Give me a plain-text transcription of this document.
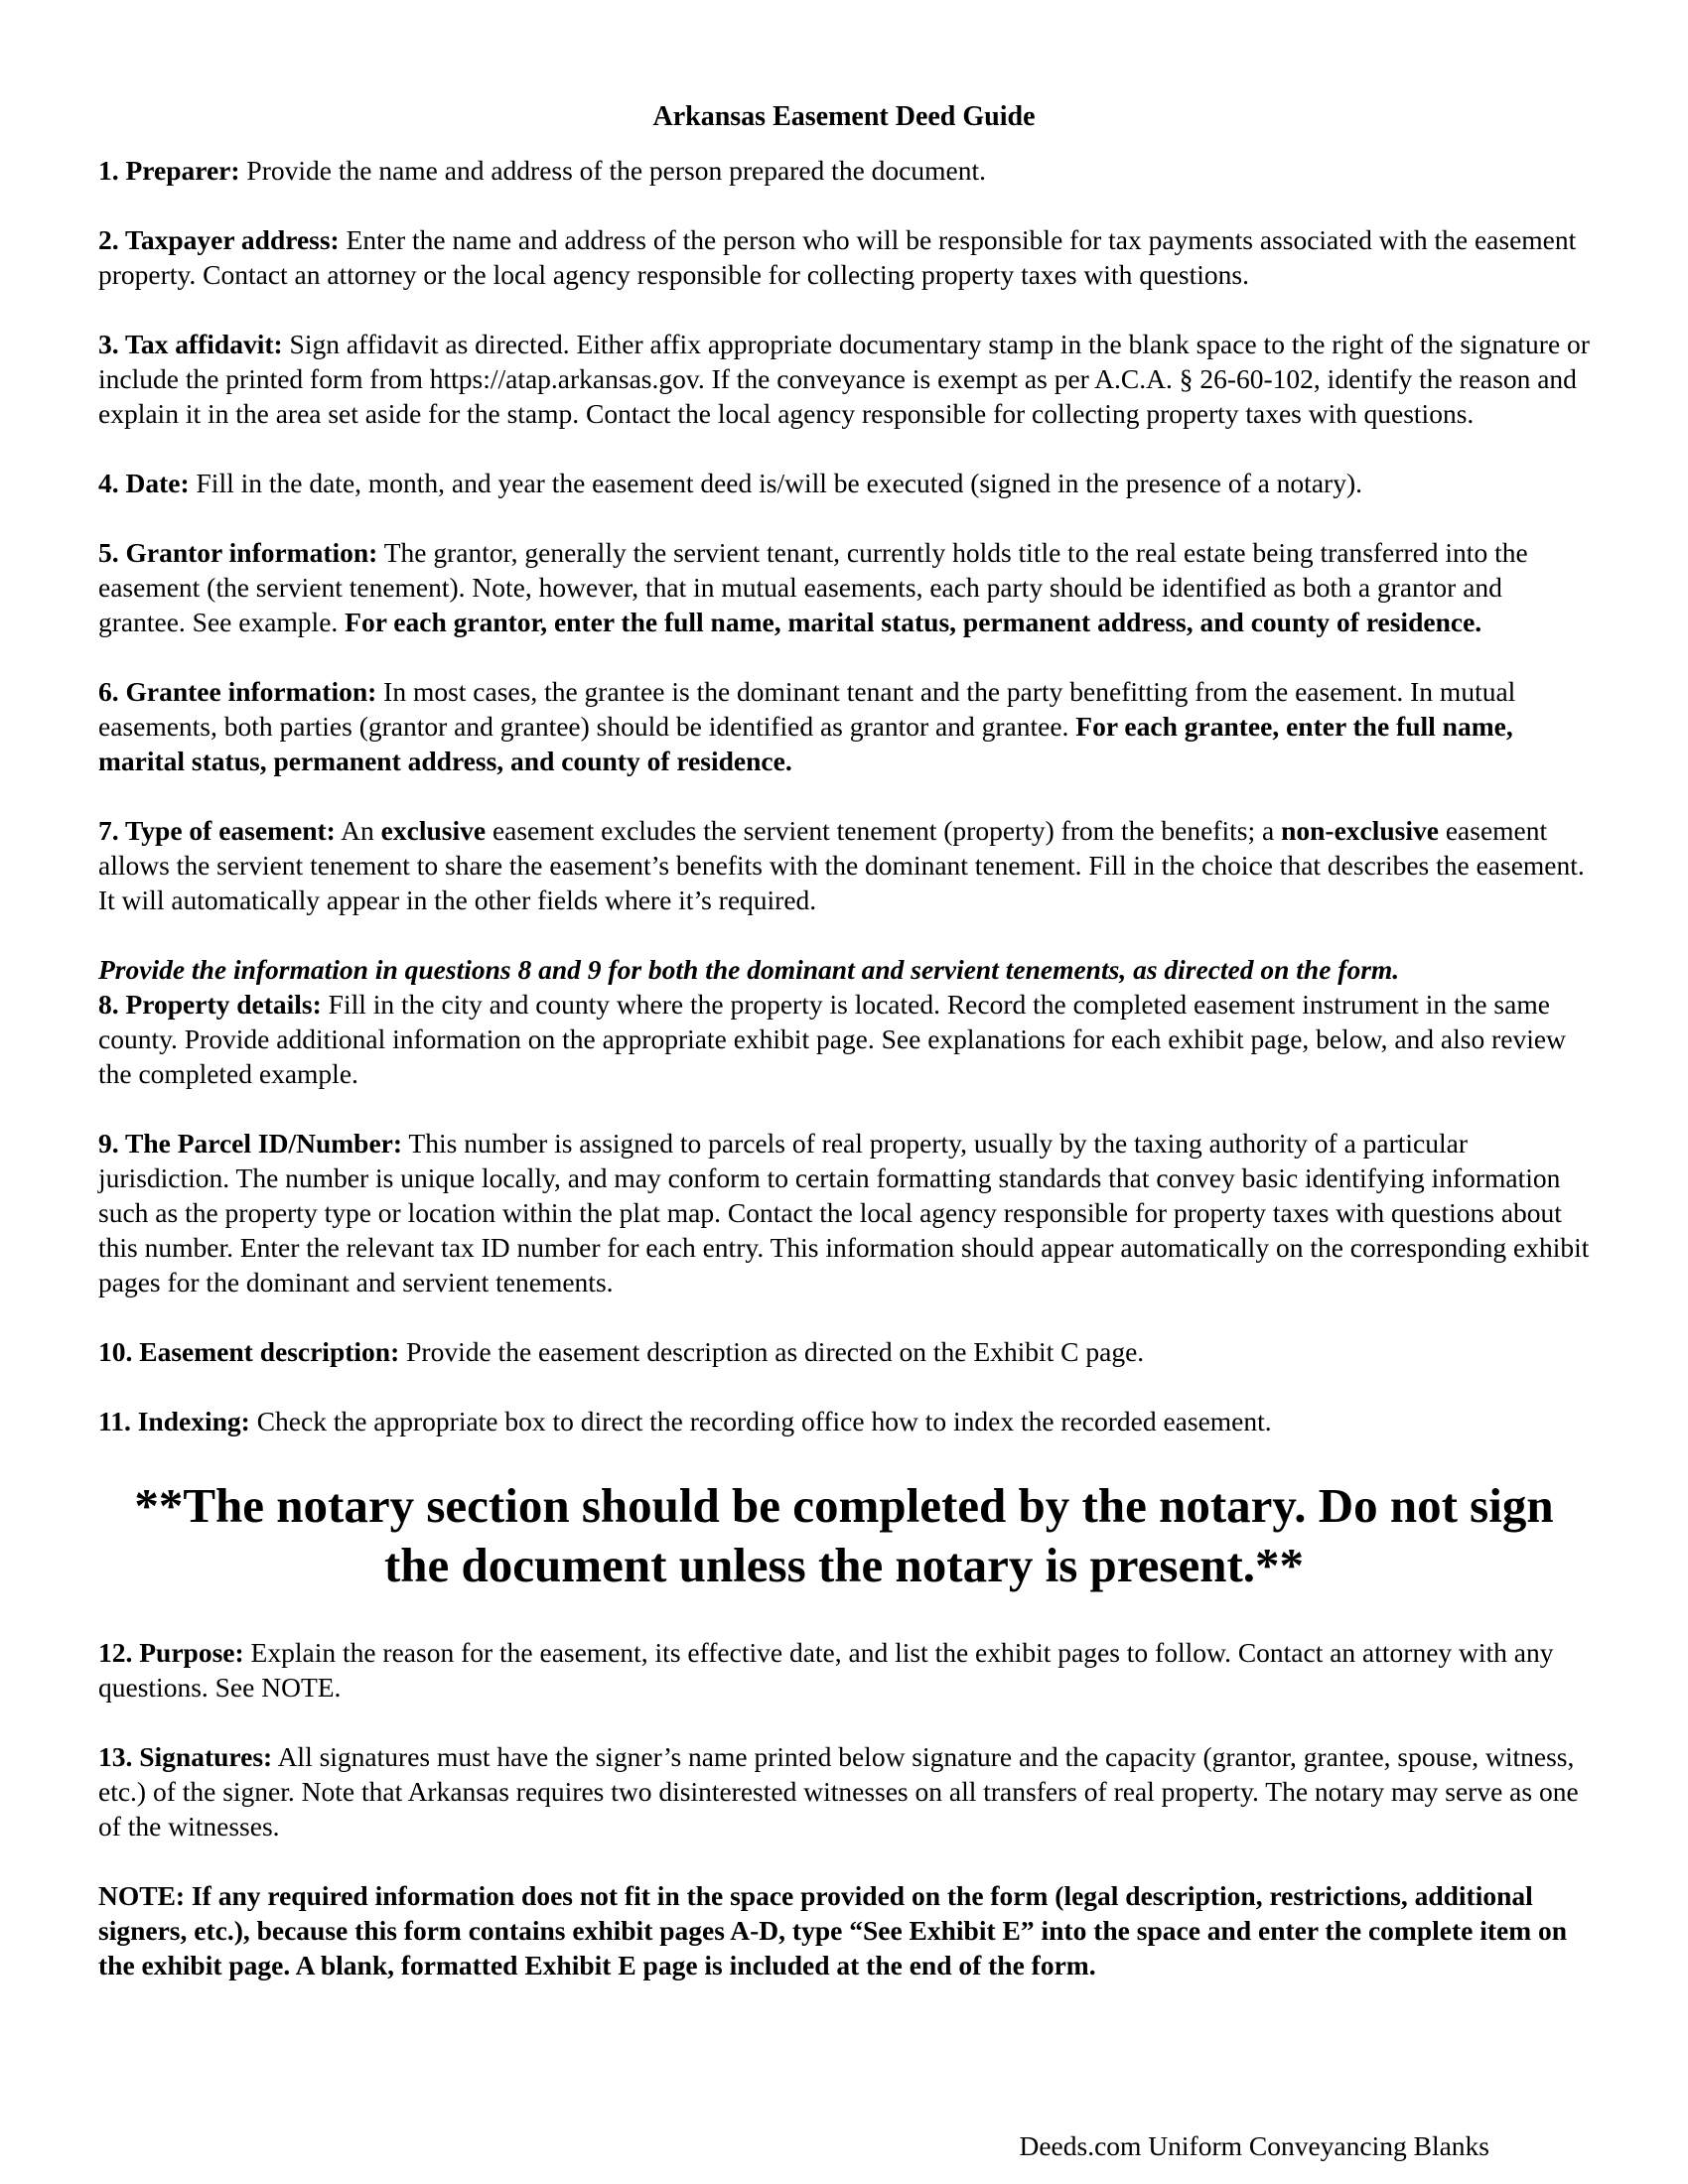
Arkansas Easement Deed Guide

1. Preparer: Provide the name and address of the person prepared the document.

2. Taxpayer address: Enter the name and address of the person who will be responsible for tax payments associated with the easement property. Contact an attorney or the local agency responsible for collecting property taxes with questions.

3. Tax affidavit: Sign affidavit as directed. Either affix appropriate documentary stamp in the blank space to the right of the signature or include the printed form from https://atap.arkansas.gov. If the conveyance is exempt as per A.C.A. § 26-60-102, identify the reason and explain it in the area set aside for the stamp. Contact the local agency responsible for collecting property taxes with questions.

4. Date: Fill in the date, month, and year the easement deed is/will be executed (signed in the presence of a notary).

5. Grantor information: The grantor, generally the servient tenant, currently holds title to the real estate being transferred into the easement (the servient tenement). Note, however, that in mutual easements, each party should be identified as both a grantor and grantee. See example. For each grantor, enter the full name, marital status, permanent address, and county of residence.

6. Grantee information: In most cases, the grantee is the dominant tenant and the party benefitting from the easement. In mutual easements, both parties (grantor and grantee) should be identified as grantor and grantee. For each grantee, enter the full name, marital status, permanent address, and county of residence.

7. Type of easement: An exclusive easement excludes the servient tenement (property) from the benefits; a non-exclusive easement allows the servient tenement to share the easement’s benefits with the dominant tenement. Fill in the choice that describes the easement. It will automatically appear in the other fields where it’s required.

Provide the information in questions 8 and 9 for both the dominant and servient tenements, as directed on the form.

8. Property details: Fill in the city and county where the property is located. Record the completed easement instrument in the same county. Provide additional information on the appropriate exhibit page. See explanations for each exhibit page, below, and also review the completed example.

9. The Parcel ID/Number: This number is assigned to parcels of real property, usually by the taxing authority of a particular jurisdiction. The number is unique locally, and may conform to certain formatting standards that convey basic identifying information such as the property type or location within the plat map. Contact the local agency responsible for property taxes with questions about this number. Enter the relevant tax ID number for each entry. This information should appear automatically on the corresponding exhibit pages for the dominant and servient tenements.

10. Easement description: Provide the easement description as directed on the Exhibit C page.

11. Indexing: Check the appropriate box to direct the recording office how to index the recorded easement.

**The notary section should be completed by the notary. Do not sign
the document unless the notary is present.**

12. Purpose: Explain the reason for the easement, its effective date, and list the exhibit pages to follow. Contact an attorney with any questions. See NOTE.

13. Signatures: All signatures must have the signer’s name printed below signature and the capacity (grantor, grantee, spouse, witness, etc.) of the signer. Note that Arkansas requires two disinterested witnesses on all transfers of real property. The notary may serve as one of the witnesses.

NOTE: If any required information does not fit in the space provided on the form (legal description, restrictions, additional signers, etc.), because this form contains exhibit pages A-D, type “See Exhibit E” into the space and enter the complete item on the exhibit page. A blank, formatted Exhibit E page is included at the end of the form.

Deeds.com Uniform Conveyancing Blanks
